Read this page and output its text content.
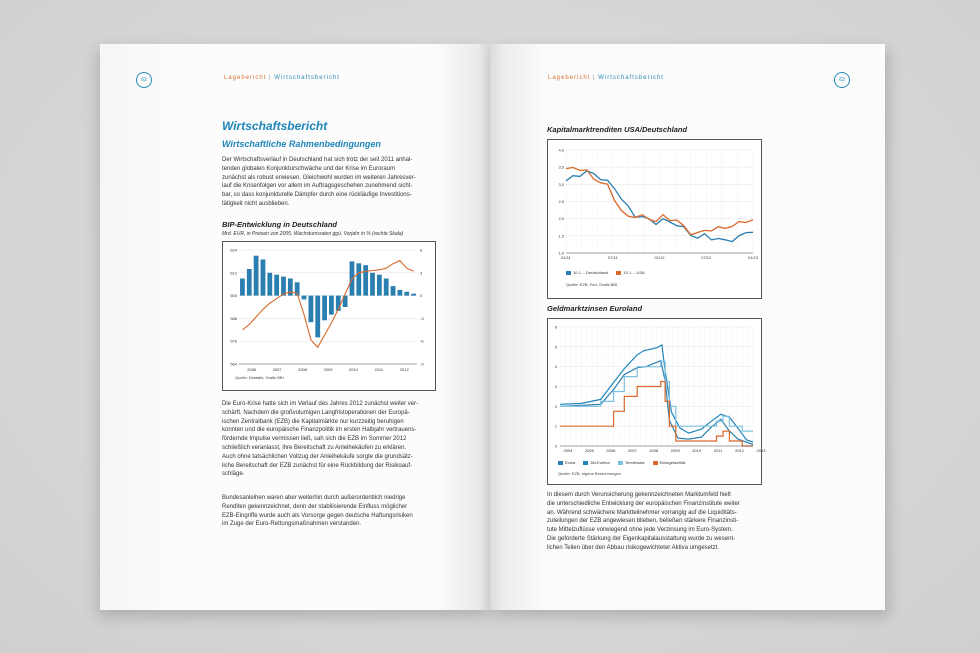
62	Lagebericht | Wirtschaftsbericht
Wirtschaftsbericht
Wirtschaftliche Rahmenbedingungen
Der Wirtschaftsverlauf in Deutschland hat sich trotz der seit 2011 anhal-
tenden globalen Konjunkturschwäche und der Krise im Euroraum
zunächst als robust erwiesen. Gleichwohl wurden im weiteren Jahresver-
lauf die Krisenfolgen vor allem im Auftragsgeschehen zunehmend sicht-
bar, so dass konjunkturelle Dämpfer durch eine rückläufige Investitions-
tätigkeit nicht ausblieben.
BIP-Entwicklung in Deutschland
Mrd. EUR, in Preisen von 2005, Wachstumsraten ggü. Vorjahr in % (rechte Skala)
624
612
600
588
576
564
6
3
0
-3
-6
-9
2006	2007	2008	2009	2010	2011	2012
Quelle: Destatis, Grafik BBI
Die Euro-Krise hatte sich im Verlauf des Jahres 2012 zunächst weiter ver-
schärft. Nachdem die großvolumigen Langfristoperationen der Europä-
ischen Zentralbank (EZB) die Kapitalmärkte nur kurzzeitig beruhigen
konnten und die europäische Finanzpolitik im ersten Halbjahr vertrauens-
fördernde Impulse vermissen ließ, sah sich die EZB im Sommer 2012
schließlich veranlasst, ihre Bereitschaft zu Anleihekäufen zu erklären.
Auch ohne tatsächlichen Vollzug der Anleihekäufe sorgte die grundsätz-
liche Bereitschaft der EZB zunächst für eine Rückbildung der Risikoauf-
schläge.
Bundesanleihen waren aber weiterhin durch außerordentlich niedrige
Renditen gekennzeichnet, denn der stabilisierende Einfluss möglicher
EZB-Eingriffe wurde auch als Vorsorge gegen deutsche Haftungsrisiken
im Zuge der Euro-Rettungsmaßnahmen verstanden.
Lagebericht | Wirtschaftsbericht	63
Kapitalmarktrenditen USA/Deutschland
4,0
3,5
3,0
2,5
2,0
1,5
1,0
01/11	07/11	01/12	07/12	01/13
10 J. – Deutschland	10 J. – USA
Quelle: EZB, Fed, Grafik BBI
Geldmarktzinsen Euroland
6
5
4
3
2
1
0
2004	2005	2006	2007	2008	2009	2010	2011	2012	2013
Eonia	3M-Euribor	Tendersatz	Einlagefazilität
Quelle: EZB, eigene Berechnungen
In diesem durch Verunsicherung gekennzeichneten Marktumfeld hielt
die unterschiedliche Entwicklung der europäischen Finanzinstitute weiter
an. Während schwächere Marktteilnehmer vorrangig auf die Liquiditäts-
zuteilungen der EZB angewiesen blieben, beließen stärkere Finanzinsti-
tute Mittelzuflüsse vorwiegend ohne jede Verzinsung im Euro-System.
Die geforderte Stärkung der Eigenkapitalausstattung wurde zu wesent-
lichen Teilen über den Abbau risikogewichteter Aktiva umgesetzt.
